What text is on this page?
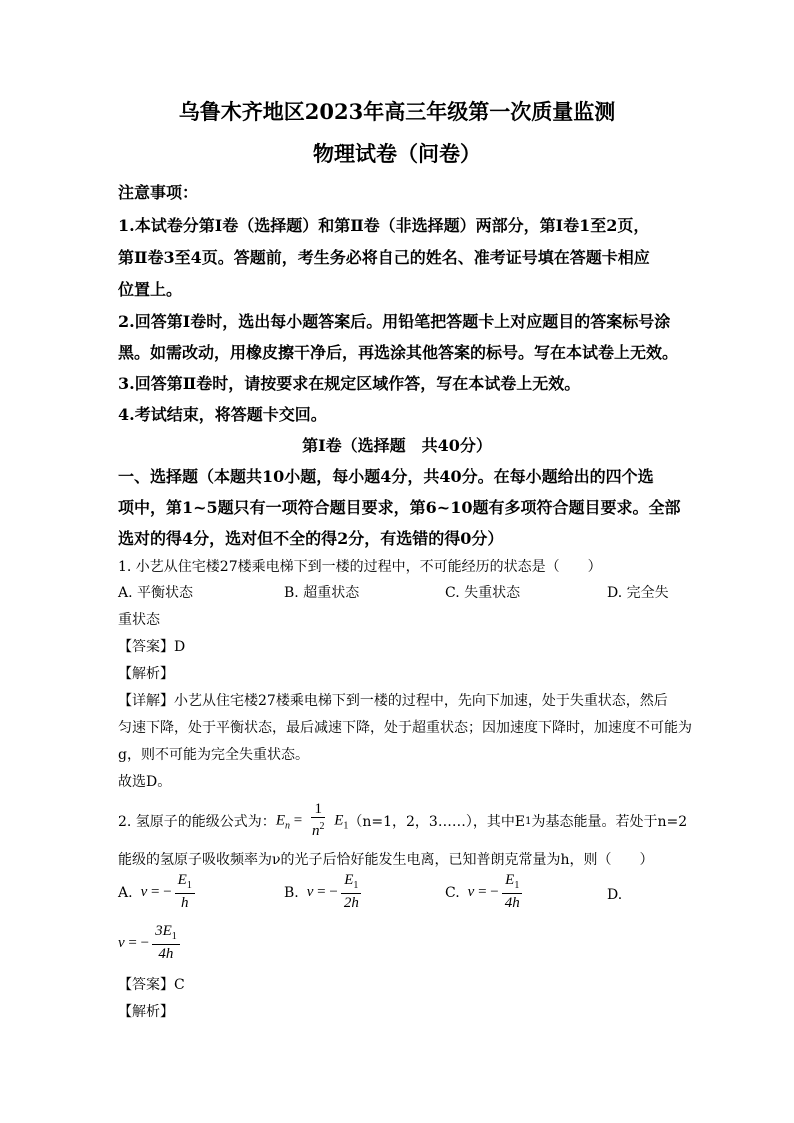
乌鲁木齐地区2023年高三年级第一次质量监测
物理试卷（问卷）
注意事项：
1.本试卷分第Ⅰ卷（选择题）和第Ⅱ卷（非选择题）两部分，第Ⅰ卷1至2页，
第Ⅱ卷3至4页。答题前，考生务必将自己的姓名、准考证号填在答题卡相应
位置上。
2.回答第Ⅰ卷时，选出每小题答案后。用铅笔把答题卡上对应题目的答案标号涂
黑。如需改动，用橡皮擦干净后，再选涂其他答案的标号。写在本试卷上无效。
3.回答第Ⅱ卷时，请按要求在规定区域作答，写在本试卷上无效。
4.考试结束，将答题卡交回。
第Ⅰ卷（选择题　共40分）
一、选择题（本题共10小题，每小题4分，共40分。在每小题给出的四个选
项中，第1~5题只有一项符合题目要求，第6~10题有多项符合题目要求。全部
选对的得4分，选对但不全的得2分，有选错的得0分）
1. 小艺从住宅楼27楼乘电梯下到一楼的过程中，不可能经历的状态是（　　）
A. 平衡状态	B. 超重状态	C. 失重状态	D. 完全失
重状态
【答案】D
【解析】
【详解】小艺从住宅楼27楼乘电梯下到一楼的过程中，先向下加速，处于失重状态，然后
匀速下降，处于平衡状态，最后减速下降，处于超重状态；因加速度下降时，加速度不可能为
g，则不可能为完全失重状态。
故选D。
2. 氢原子的能级公式为： $E_n = \frac{1}{n^2} E_1$ （n=1，2，3……），其中E 1 为基态能量。若处于n=2
能级的氢原子吸收频率为ν的光子后恰好能发生电离，已知普朗克常量为h，则（　　）
A. ν = − $\frac{E_1}{h}$	B. ν = − $\frac{E_1}{2h}$	C. ν = − $\frac{E_1}{4h}$	D.
ν = − $\frac{3E_1}{4h}$
【答案】C
【解析】
